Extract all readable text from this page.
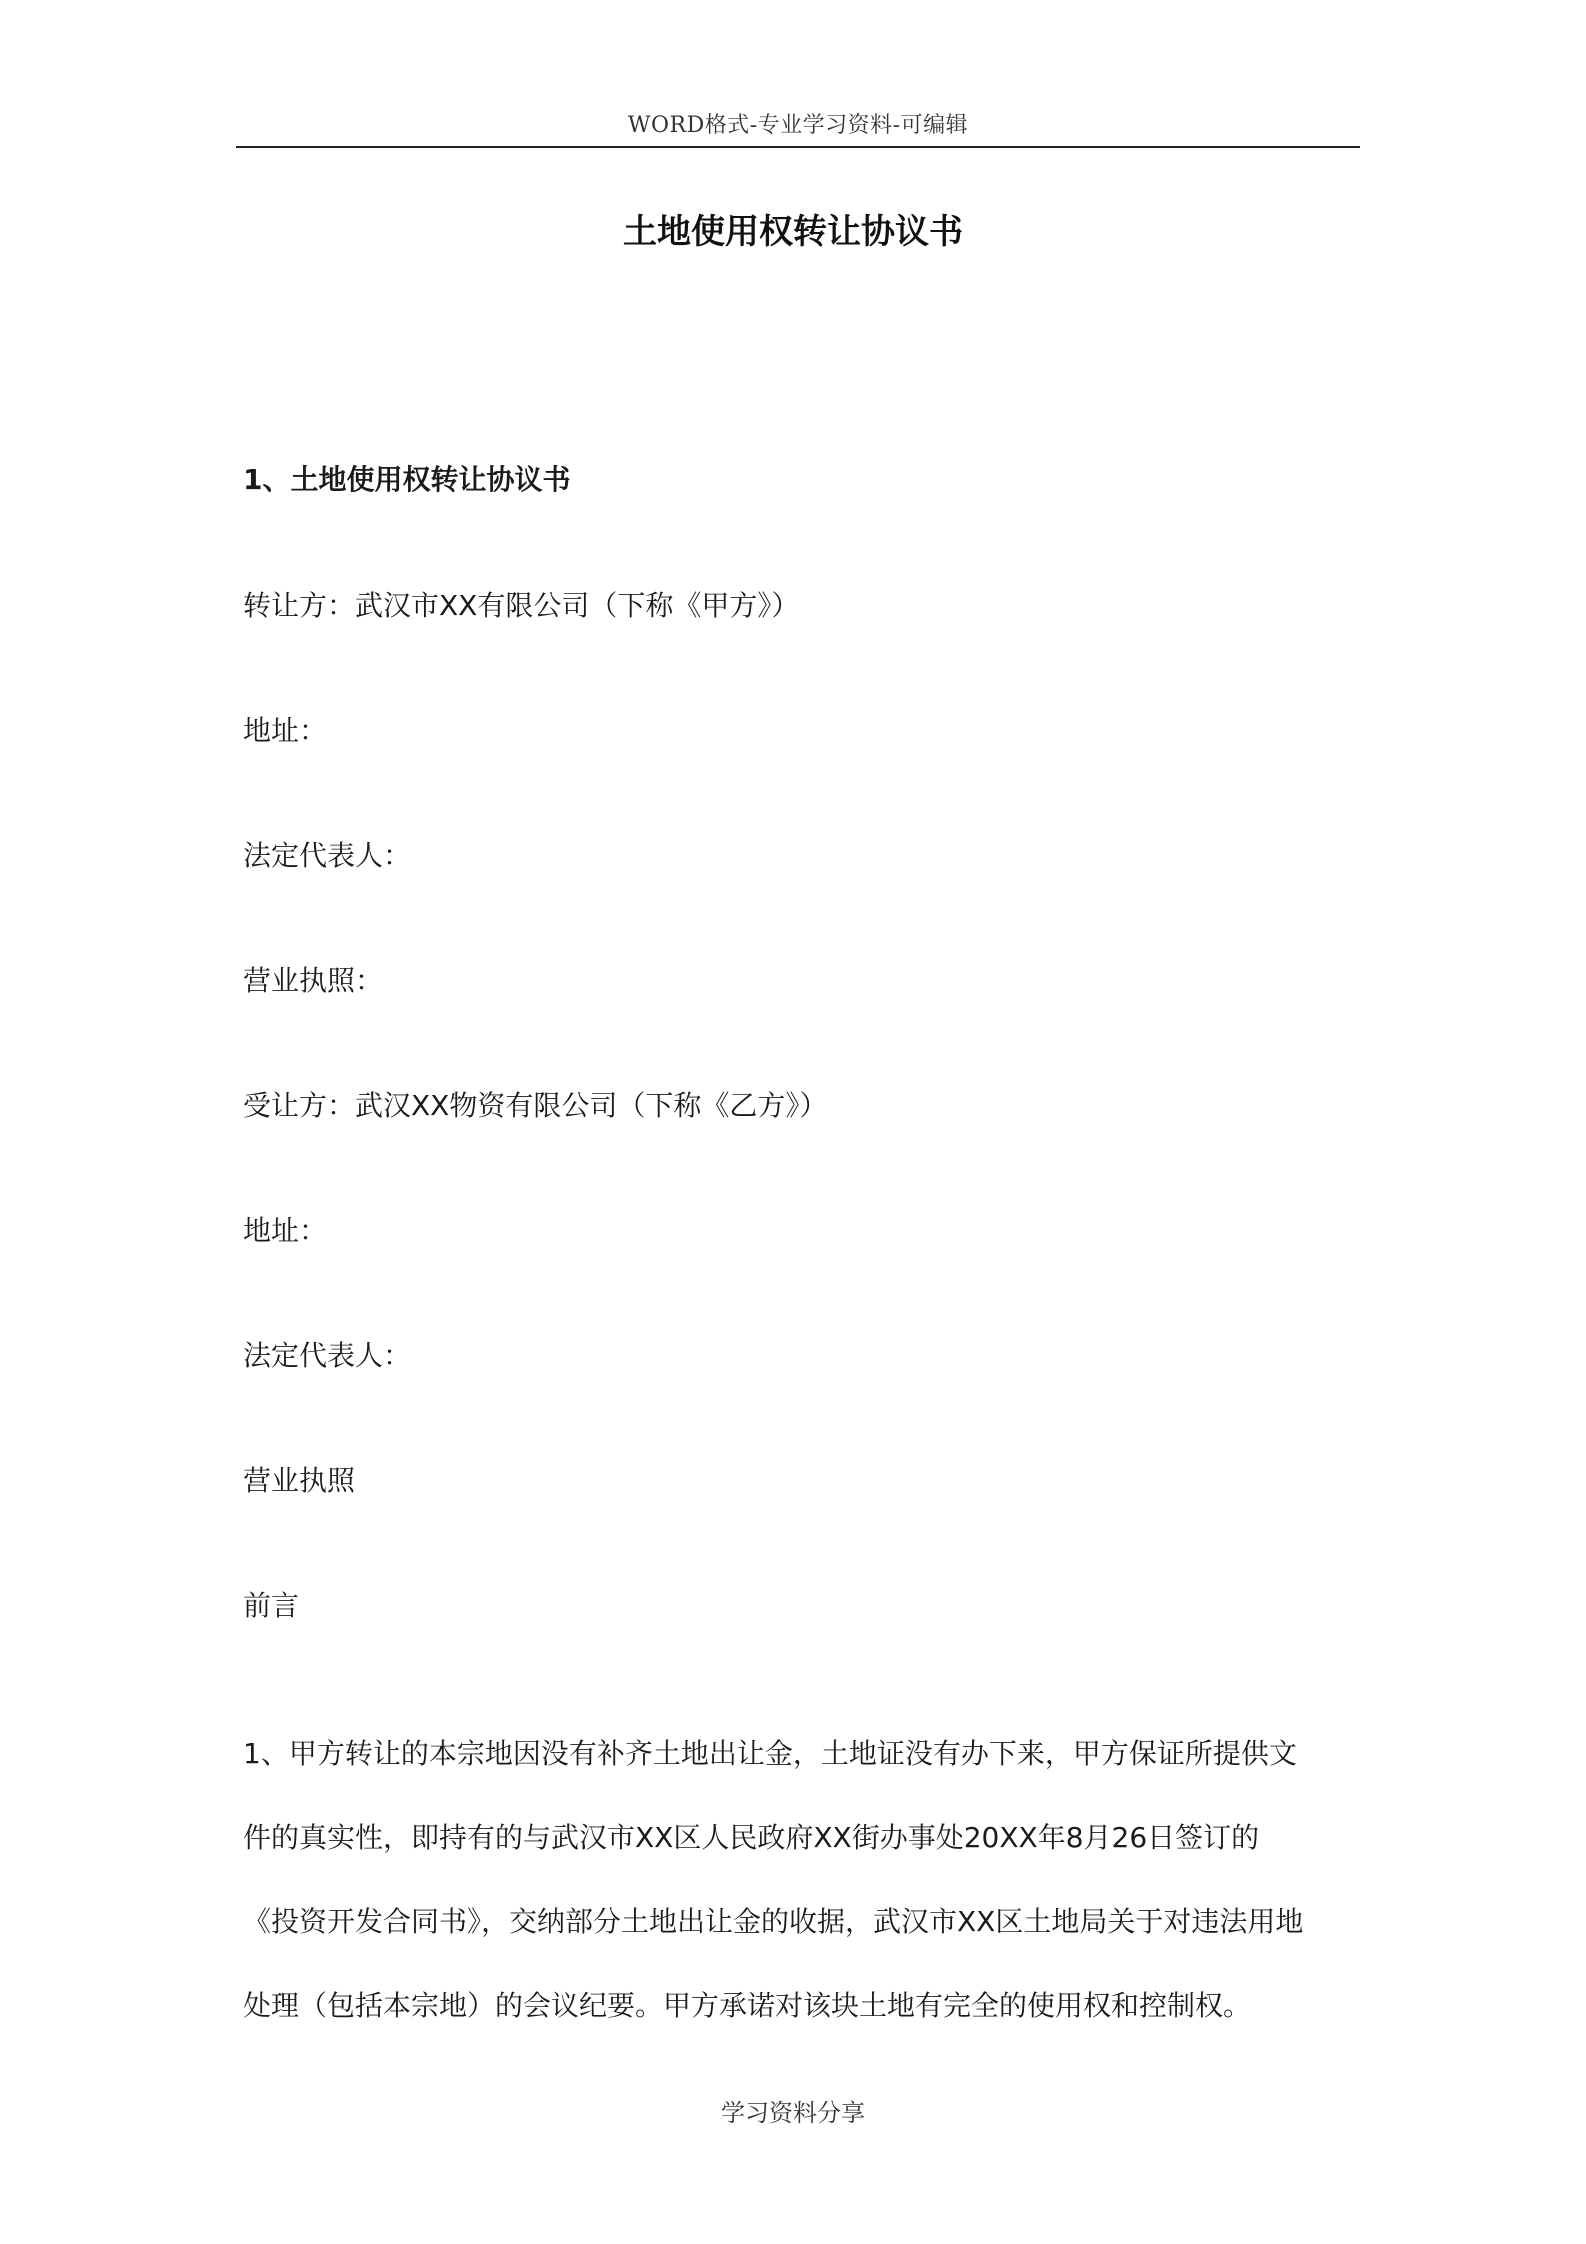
WORD格式-专业学习资料-可编辑
土地使用权转让协议书

1、土地使用权转让协议书

转让方：武汉市XX有限公司（下称《甲方》）

地址：

法定代表人：

营业执照：

受让方：武汉XX物资有限公司（下称《乙方》）

地址：

法定代表人：

营业执照

前言

1、甲方转让的本宗地因没有补齐土地出让金，土地证没有办下来，甲方保证所提供文
件的真实性，即持有的与武汉市XX区人民政府XX街办事处20XX年8月26日签订的
《投资开发合同书》，交纳部分土地出让金的收据，武汉市XX区土地局关于对违法用地
处理（包括本宗地）的会议纪要。甲方承诺对该块土地有完全的使用权和控制权。
学习资料分享
